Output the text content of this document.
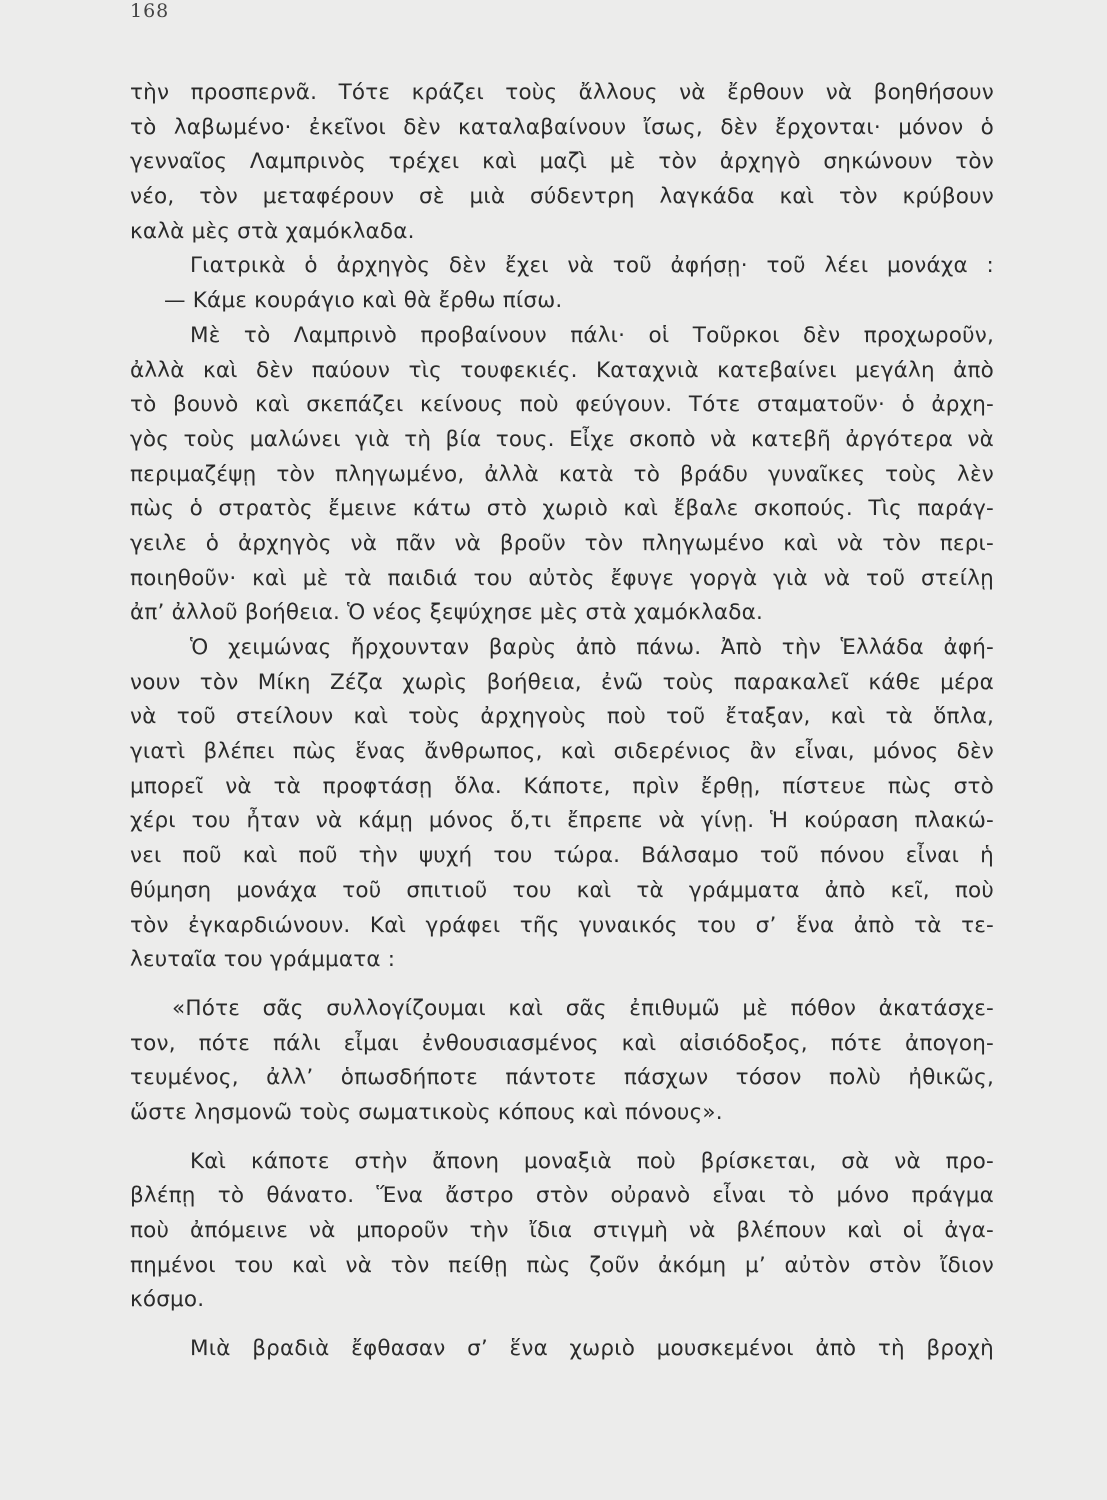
168
τὴν προσπερνᾶ. Τότε κράζει τοὺς ἄλλους νὰ ἔρθουν νὰ βοηθήσουν
τὸ λαβωμένο· ἐκεῖνοι δὲν καταλαβαίνουν ἴσως, δὲν ἔρχονται· μόνον ὁ
γενναῖος Λαμπρινὸς τρέχει καὶ μαζὶ μὲ τὸν ἀρχηγὸ σηκώνουν τὸν
νέο, τὸν μεταφέρουν σὲ μιὰ σύδεντρη λαγκάδα καὶ τὸν κρύβουν
καλὰ μὲς στὰ χαμόκλαδα.
Γιατρικὰ ὁ ἀρχηγὸς δὲν ἔχει νὰ τοῦ ἀφήσῃ· τοῦ λέει μονάχα :
— Κάμε κουράγιο καὶ θὰ ἔρθω πίσω.
Μὲ τὸ Λαμπρινὸ προβαίνουν πάλι· οἱ Τοῦρκοι δὲν προχωροῦν,
ἀλλὰ καὶ δὲν παύουν τὶς τουφεκιές. Καταχνιὰ κατεβαίνει μεγάλη ἀπὸ
τὸ βουνὸ καὶ σκεπάζει κείνους ποὺ φεύγουν. Τότε σταματοῦν· ὁ ἀρχη-
γὸς τοὺς μαλώνει γιὰ τὴ βία τους. Εἶχε σκοπὸ νὰ κατεβῆ ἀργότερα νὰ
περιμαζέψῃ τὸν πληγωμένο, ἀλλὰ κατὰ τὸ βράδυ γυναῖκες τοὺς λὲν
πὼς ὁ στρατὸς ἔμεινε κάτω στὸ χωριὸ καὶ ἔβαλε σκοπούς. Τὶς παράγ-
γειλε ὁ ἀρχηγὸς νὰ πᾶν νὰ βροῦν τὸν πληγωμένο καὶ νὰ τὸν περι-
ποιηθοῦν· καὶ μὲ τὰ παιδιά του αὐτὸς ἔφυγε γοργὰ γιὰ νὰ τοῦ στείλῃ
ἀπ’ ἀλλοῦ βοήθεια. Ὁ νέος ξεψύχησε μὲς στὰ χαμόκλαδα.
Ὁ χειμώνας ἤρχουνταν βαρὺς ἀπὸ πάνω. Ἀπὸ τὴν Ἑλλάδα ἀφή-
νουν τὸν Μίκη Ζέζα χωρὶς βοήθεια, ἐνῶ τοὺς παρακαλεῖ κάθε μέρα
νὰ τοῦ στείλουν καὶ τοὺς ἀρχηγοὺς ποὺ τοῦ ἔταξαν, καὶ τὰ ὅπλα,
γιατὶ βλέπει πὼς ἕνας ἄνθρωπος, καὶ σιδερένιος ἂν εἶναι, μόνος δὲν
μπορεῖ νὰ τὰ προφτάσῃ ὅλα. Κάποτε, πρὶν ἔρθῃ, πίστευε πὼς στὸ
χέρι του ἦταν νὰ κάμῃ μόνος ὅ,τι ἔπρεπε νὰ γίνῃ. Ἡ κούραση πλακώ-
νει ποῦ καὶ ποῦ τὴν ψυχή του τώρα. Βάλσαμο τοῦ πόνου εἶναι ἡ
θύμηση μονάχα τοῦ σπιτιοῦ του καὶ τὰ γράμματα ἀπὸ κεῖ, ποὺ
τὸν ἐγκαρδιώνουν. Καὶ γράφει τῆς γυναικός του σ’ ἕνα ἀπὸ τὰ τε-
λευταῖα του γράμματα :
«Πότε σᾶς συλλογίζουμαι καὶ σᾶς ἐπιθυμῶ μὲ πόθον ἀκατάσχε-
τον, πότε πάλι εἶμαι ἐνθουσιασμένος καὶ αἰσιόδοξος, πότε ἀπογοη-
τευμένος, ἀλλ’ ὁπωσδήποτε πάντοτε πάσχων τόσον πολὺ ἠθικῶς,
ὥστε λησμονῶ τοὺς σωματικοὺς κόπους καὶ πόνους».
Καὶ κάποτε στὴν ἄπονη μοναξιὰ ποὺ βρίσκεται, σὰ νὰ προ-
βλέπῃ τὸ θάνατο. Ἕνα ἄστρο στὸν οὐρανὸ εἶναι τὸ μόνο πράγμα
ποὺ ἀπόμεινε νὰ μποροῦν τὴν ἴδια στιγμὴ νὰ βλέπουν καὶ οἱ ἀγα-
πημένοι του καὶ νὰ τὸν πείθῃ πὼς ζοῦν ἀκόμη μ’ αὐτὸν στὸν ἴδιον
κόσμο.
Μιὰ βραδιὰ ἔφθασαν σ’ ἕνα χωριὸ μουσκεμένοι ἀπὸ τὴ βροχὴ
